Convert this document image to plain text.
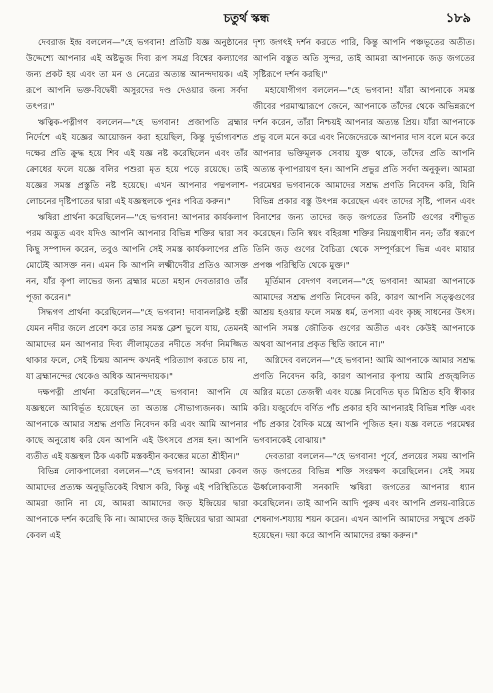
চতুর্থ স্কন্ধ	১৮৯

দেবরাজ ইন্দ্র বললেন—"হে ভগবান! প্রতিটি যজ্ঞ অনুষ্ঠানের উদ্দেশ্যে আপনার এই অষ্টভুজ দিব্য রূপ সমগ্র বিশ্বের কল্যাণের জন্য প্রকট হয় এবং তা মন ও নেত্রের অত্যন্ত আনন্দদায়ক। এই রূপে আপনি ভক্ত-বিদ্বেষী অসুরদের দণ্ড দেওয়ার জন্য সর্বদা তৎপর।"

ঋত্বিক-পত্নীগণ বললেন—"হে ভগবান! প্রজাপতি ব্রহ্মার নির্দেশে এই যজ্ঞের আয়োজন করা হয়েছিল, কিন্তু দুর্ভাগ্যবশত দক্ষের প্রতি ক্রুদ্ধ হয়ে শিব এই যজ্ঞ নষ্ট করেছিলেন এবং তাঁর ক্রোধের ফলে যজ্ঞে বলির পশুরা মৃত হয়ে পড়ে রয়েছে। তাই যজ্ঞের সমস্ত প্রস্তুতি নষ্ট হয়েছে। এখন আপনার পদ্মপলাশ-লোচনের দৃষ্টিপাতের দ্বারা এই যজ্ঞস্থলকে পুনঃ পবিত্র করুন।"

ঋষিরা প্রার্থনা করেছিলেন—"হে ভগবান! আপনার কার্যকলাপ পরম অদ্ভুত এবং যদিও আপনি আপনার বিভিন্ন শক্তির দ্বারা সব কিছু সম্পাদন করেন, তবুও আপনি সেই সমস্ত কার্যকলাপের প্রতি মোটেই আসক্ত নন। এমন কি আপনি লক্ষ্মীদেবীর প্রতিও আসক্ত নন, যাঁর কৃপা লাভের জন্য ব্রহ্মার মতো মহান দেবতারাও তাঁর পূজা করেন।"

সিদ্ধগণ প্রার্থনা করেছিলেন—"হে ভগবান! দাবানলক্লিষ্ট হস্তী যেমন নদীর জলে প্রবেশ করে তার সমস্ত ক্লেশ ভুলে যায়, তেমনই আমাদের মন আপনার দিব্য লীলামৃতের নদীতে সর্বদা নিমজ্জিত থাকার ফলে, সেই চিন্ময় আনন্দ কখনই পরিত্যাগ করতে চায় না, যা ব্রহ্মানন্দের থেকেও অধিক আনন্দদায়ক।"

দক্ষপত্নী প্রার্থনা করেছিলেন—"হে ভগবান! আপনি যে যজ্ঞস্থলে আবির্ভূত হয়েছেন তা অত্যন্ত সৌভাগ্যজনক। আমি আপনাকে আমার সশ্রদ্ধ প্রণতি নিবেদন করি এবং আমি আপনার কাছে অনুরোধ করি যেন আপনি এই উৎসবে প্রসন্ন হন। আপনি ব্যতীত এই যজ্ঞস্থল ঠিক একটি মস্তকহীন কবন্ধের মতো শ্রীহীন।"

বিভিন্ন লোকপালেরা বললেন—"হে ভগবান! আমরা কেবল আমাদের প্রত্যক্ষ অনুভূতিকেই বিশ্বাস করি, কিন্তু এই পরিস্থিতিতে আমরা জানি না যে, আমরা আমাদের জড় ইন্দ্রিয়ের দ্বারা আপনাকে দর্শন করেছি কি না। আমাদের জড় ইন্দ্রিয়ের দ্বারা আমরা কেবল এই

দৃশ্য জগৎই দর্শন করতে পারি, কিন্তু আপনি পঞ্চভূতের অতীত। আপনি বস্তুত অতি সুন্দর, তাই আমরা আপনাকে জড় জগতের সৃষ্টিরূপে দর্শন করছি।"

মহাযোগীগণ বললেন—"হে ভগবান! যাঁরা আপনাকে সমস্ত জীবের পরমাত্মারূপে জেনে, আপনাকে তাঁদের থেকে অভিন্নরূপে দর্শন করেন, তাঁরা নিশ্চয়ই আপনার অত্যন্ত প্রিয়। যাঁরা আপনাকে প্রভু বলে মনে করে এবং নিজেদেরকে আপনার দাস বলে মনে করে আপনার ভক্তিমূলক সেবায় যুক্ত থাকে, তাঁদের প্রতি আপনি অত্যন্ত কৃপাপরায়ণ হন। আপনি প্রভুর প্রতি সর্বদা অনুকূল। আমরা পরমেশ্বর ভগবানকে আমাদের সশ্রদ্ধ প্রণতি নিবেদন করি, যিনি বিভিন্ন প্রকার বস্তু উৎপন্ন করেছেন এবং তাদের সৃষ্টি, পালন এবং বিনাশের জন্য তাদের জড় জগতের তিনটি গুণের বশীভূত করেছেন। তিনি স্বয়ং বহিরঙ্গা শক্তির নিয়ন্ত্রণাধীন নন; তাঁর স্বরূপে তিনি জড় গুণের বৈচিত্র্য থেকে সম্পূর্ণরূপে ভিন্ন এবং মায়ার প্রপঞ্চ পরিস্থিতি থেকে মুক্ত।"

মূর্তিমান বেদগণ বললেন—"হে ভগবান! আমরা আপনাকে আমাদের সশ্রদ্ধ প্রণতি নিবেদন করি, কারণ আপনি সত্ত্বগুণের আশ্রয় হওয়ার ফলে সমস্ত ধর্ম, তপস্যা এবং কৃচ্ছ সাধনের উৎস। আপনি সমস্ত জৌতিক গুণের অতীত এবং কেউই আপনাকে অথবা আপনার প্রকৃত স্থিতি জানে না।"

অগ্নিদেব বললেন—"হে ভগবান! আমি আপনাকে আমার সশ্রদ্ধ প্রণতি নিবেদন করি, কারণ আপনার কৃপায় আমি প্রজ্জ্বলিত অগ্নির মতো তেজস্বী এবং যজ্ঞে নিবেদিত ঘৃত মিশ্রিত হবি স্বীকার করি। যজুর্বেদে বর্ণিত পাঁচ প্রকার হবি আপনারই বিভিন্ন শক্তি এবং পাঁচ প্রকার বৈদিক মন্ত্রে আপনি পূজিত হন। যজ্ঞ বলতে পরমেশ্বর ভগবানকেই বোঝায়।"

দেবতারা বললেন—"হে ভগবান! পূর্বে, প্রলয়ের সময় আপনি জড় জগতের বিভিন্ন শক্তি সংরক্ষণ করেছিলেন। সেই সময় ঊর্ধ্বলোকবাসী সনকাদি ঋষিরা জগতের আপনার ধ্যান করেছিলেন। তাই আপনি আদি পুরুষ এবং আপনি প্রলয়-বারিতে শেষনাগ-শয্যায় শয়ন করেন। এখন আপনি আমাদের সম্মুখে প্রকট হয়েছেন। দয়া করে আপনি আমাদের রক্ষা করুন।"
